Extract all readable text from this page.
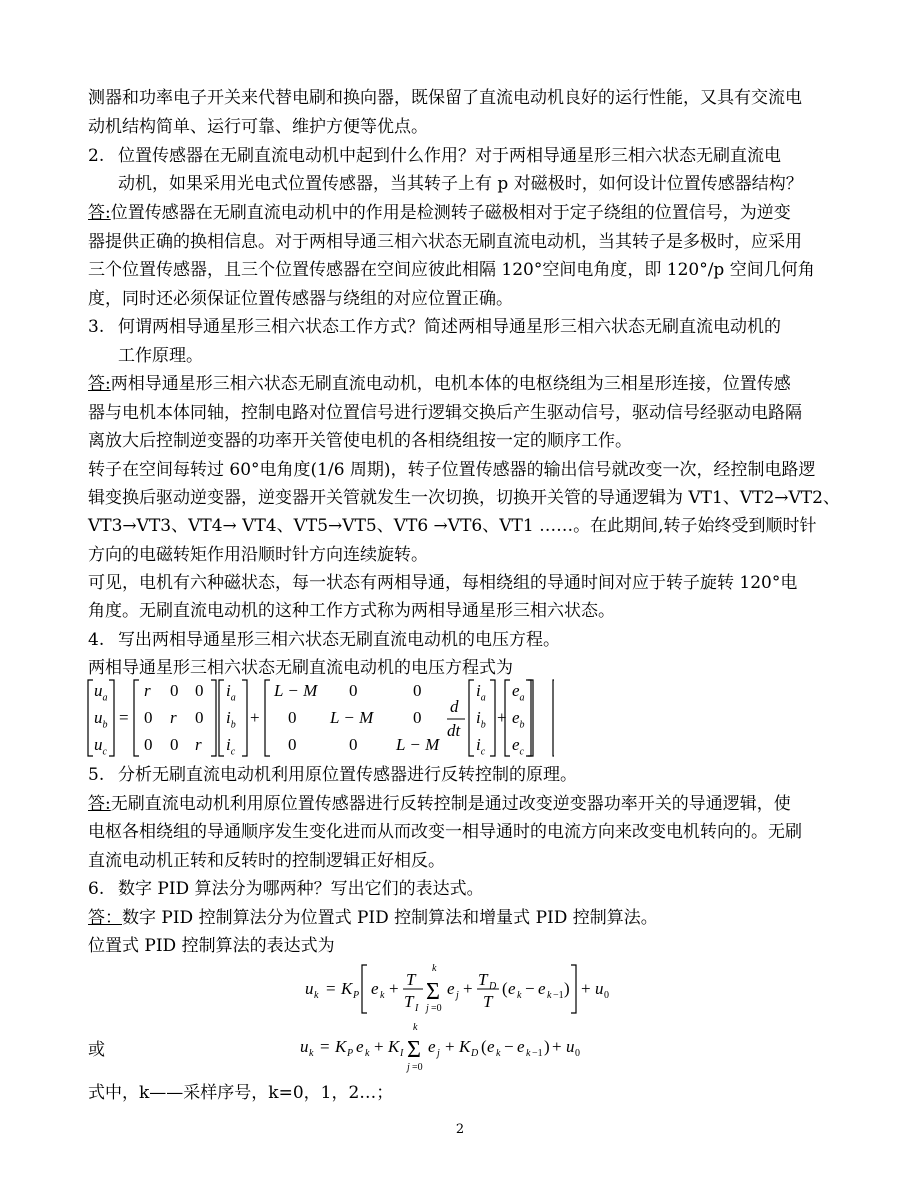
测器和功率电子开关来代替电刷和换向器，既保留了直流电动机良好的运行性能，又具有交流电
动机结构简单、运行可靠、维护方便等优点。
2. 位置传感器在无刷直流电动机中起到什么作用？对于两相导通星形三相六状态无刷直流电
动机，如果采用光电式位置传感器，当其转子上有 p 对磁极时，如何设计位置传感器结构？
答:位置传感器在无刷直流电动机中的作用是检测转子磁极相对于定子绕组的位置信号，为逆变
器提供正确的换相信息。对于两相导通三相六状态无刷直流电动机，当其转子是多极时，应采用
三个位置传感器，且三个位置传感器在空间应彼此相隔 120°空间电角度，即 120°/p 空间几何角
度，同时还必须保证位置传感器与绕组的对应位置正确。
3. 何谓两相导通星形三相六状态工作方式？简述两相导通星形三相六状态无刷直流电动机的
工作原理。
答:两相导通星形三相六状态无刷直流电动机，电机本体的电枢绕组为三相星形连接，位置传感
器与电机本体同轴，控制电路对位置信号进行逻辑交换后产生驱动信号，驱动信号经驱动电路隔
离放大后控制逆变器的功率开关管使电机的各相绕组按一定的顺序工作。
转子在空间每转过 60°电角度(1/6 周期)，转子位置传感器的输出信号就改变一次，经控制电路逻
辑变换后驱动逆变器，逆变器开关管就发生一次切换，切换开关管的导通逻辑为 VT1、VT2→VT2、
VT3→VT3、VT4→ VT4、VT5→VT5、VT6 →VT6、VT1 ……。在此期间,转子始终受到顺时针
方向的电磁转矩作用沿顺时针方向连续旋转。
可见，电机有六种磁状态，每一状态有两相导通，每相绕组的导通时间对应于转子旋转 120°电
角度。无刷直流电动机的这种工作方式称为两相导通星形三相六状态。
4. 写出两相导通星形三相六状态无刷直流电动机的电压方程。
两相导通星形三相六状态无刷直流电动机的电压方程式为
$u_a$
$u_b$
$u_c$
=
r 0 0
0 r 0
0 0 r
$i_a$
$i_b$
$i_c$
+
L − M 0	0
0 L − M 0
0	0 L − M
d
dt
$i_a$
$i_b$
$i_c$
+
$e_a$
$e_b$
$e_c$
5. 分析无刷直流电动机利用原位置传感器进行反转控制的原理。
答:无刷直流电动机利用原位置传感器进行反转控制是通过改变逆变器功率开关的导通逻辑，使
电枢各相绕组的导通顺序发生变化进而从而改变一相导通时的电流方向来改变电机转向的。无刷
直流电动机正转和反转时的控制逻辑正好相反。
6. 数字 PID 算法分为哪两种？写出它们的表达式。
答：数字 PID 控制算法分为位置式 PID 控制算法和增量式 PID 控制算法。
位置式 PID 控制算法的表达式为
u k = K P e k + T
T I
k
Σ
j =0
e j + T D
T
( e k − e k −1 ) + u 0
或	u k = K P e k + K I
k
Σ
j =0
e j + K D ( e k − e k −1 ) + u 0
式中，k——采样序号，k=0，1，2…；
2
